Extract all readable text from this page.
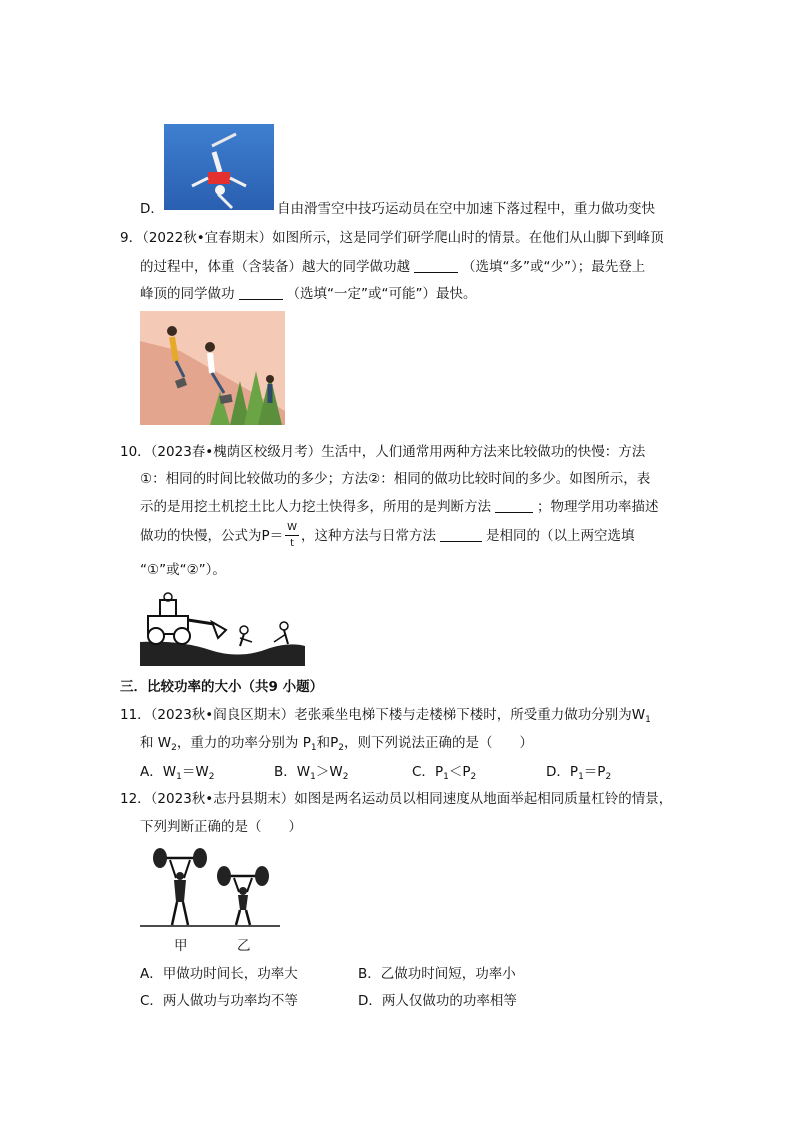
D．	自由滑雪空中技巧运动员在空中加速下落过程中，重力做功变快
9．（2022秋•宜春期末）如图所示，这是同学们研学爬山时的情景。在他们从山脚下到峰顶
的过程中，体重（含装备）越大的同学做功越	（选填“多”或“少”）；最先登上
峰顶的同学做功	（选填“一定”或“可能”）最快。
10．（2023春•槐荫区校级月考）生活中，人们通常用两种方法来比较做功的快慢：方法
①：相同的时间比较做功的多少；方法②：相同的做功比较时间的多少。如图所示，表
示的是用挖土机挖土比人力挖土快得多，所用的是判断方法	；物理学用功率描述
做功的快慢，公式为$P= \frac{W}{t}$ ，这种方法与日常方法	是相同的（以上两空选填
“①”或“②”）。
三．比较功率的大小（共9 小题）
11．（2023秋•阎良区期末）老张乘坐电梯下楼与走楼梯下楼时，所受重力做功分别为$W_1$
和 $W_2$，重力的功率分别为 $P_1$和$P_2$，则下列说法正确的是（　　）
A．$W_1=W_2$	B．$W_1>W_2$	C．$P_1<P_2$	D．$P_1=P_2$
12．（2023秋•志丹县期末）如图是两名运动员以相同速度从地面举起相同质量杠铃的情景，
下列判断正确的是（　　）
甲	乙
A．甲做功时间长，功率大	B．乙做功时间短，功率小
C．两人做功与功率均不等	D．两人仅做功的功率相等
